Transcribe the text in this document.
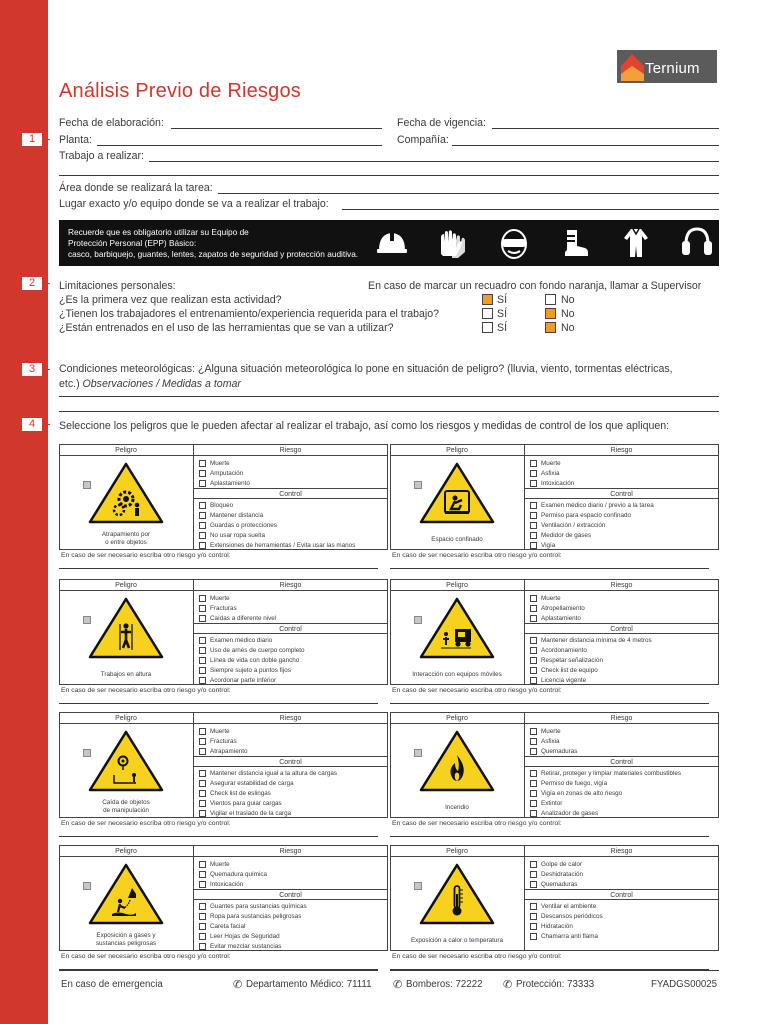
1
2
3
4
Ternium
Análisis Previo de Riesgos
Fecha de elaboración:	Fecha de vigencia:
Planta:	Compañía:
Trabajo a realizar:
Área donde se realizará la tarea:
Lugar exacto y/o equipo donde se va a realizar el trabajo:
Recuerde que es obligatorio utilizar su Equipo de
Protección Personal (EPP) Básico:
casco, barbiquejo, guantes, lentes, zapatos de seguridad y protección auditiva.
Limitaciones personales:	En caso de marcar un recuadro con fondo naranja, llamar a Supervisor
¿Es la primera vez que realizan esta actividad?	SÍ	No
¿Tienen los trabajadores el entrenamiento/experiencia requerida para el trabajo?	SÍ	No
¿Están entrenados en el uso de las herramientas que se van a utilizar?	SÍ	No
Condiciones meteorológicas: ¿Alguna situación meteorológica lo pone en situación de peligro? (lluvia, viento, tormentas eléctricas,
etc.) Observaciones / Medidas a tomar
Seleccione los peligros que le pueden afectar al realizar el trabajo, así como los riesgos y medidas de control de los que apliquen:
Peligro	Riesgo
Control
Atrapamiento por
o entre objetos
Muerte
Amputación
Aplastamiento
Bloqueo
Mantener distancia
Guardas o protecciones
No usar ropa suelta
Extensiones de herramientas / Evita usar las manos
En caso de ser necesario escriba otro riesgo y/o control:
Peligro	Riesgo
Control
Espacio confinado
Muerte
Asfixia
Intoxicación
Examen médico diario / previo a la tarea
Permiso para espacio confinado
Ventilación / extracción
Medidor de gases
Vigía
En caso de ser necesario escriba otro riesgo y/o control:
Peligro	Riesgo
Control
Trabajos en altura
Muerte
Fracturas
Caídas a diferente nivel
Examen médico diario
Uso de arnés de cuerpo completo
Línea de vida con doble gancho
Siempre sujeto a puntos fijos
Acordonar parte inferior
En caso de ser necesario escriba otro riesgo y/o control:
Peligro	Riesgo
Control
Interacción con equipos móviles
Muerte
Atropellamiento
Aplastamiento
Mantener distancia mínima de 4 metros
Acordonamiento
Respetar señalización
Check list de equipo
Licencia vigente
En caso de ser necesario escriba otro riesgo y/o control:
Peligro	Riesgo
Control
Caída de objetos
de manipulación
Muerte
Fracturas
Atrapamiento
Mantener distancia igual a la altura de cargas
Asegurar estabilidad de carga
Check list de eslingas
Vientos para guiar cargas
Vigilar el traslado de la carga
En caso de ser necesario escriba otro riesgo y/o control:
Peligro	Riesgo
Control
Incendio
Muerte
Asfixia
Quemaduras
Retirar, proteger y limpiar materiales combustibles
Permiso de fuego, vigía
Vigía en zonas de alto riesgo
Extintor
Analizador de gases
En caso de ser necesario escriba otro riesgo y/o control:
Peligro	Riesgo
Control
Exposición a gases y
sustancias peligrosas
Muerte
Quemadura química
Intoxicación
Guantes para sustancias químicas
Ropa para sustancias peligrosas
Careta facial
Leer Hojas de Seguridad
Evitar mezclar sustancias
En caso de ser necesario escriba otro riesgo y/o control:
Peligro	Riesgo
Control
Exposición a calor o temperatura
Golpe de calor
Deshidratación
Quemaduras
Ventilar el ambiente
Descansos periódicos
Hidratación
Chamarra anti flama
En caso de ser necesario escriba otro riesgo y/o control:
En caso de emergencia	✆ Departamento Médico: 71111 ✆ Bomberos: 72222 ✆ Protección: 73333	FYADGS00025
